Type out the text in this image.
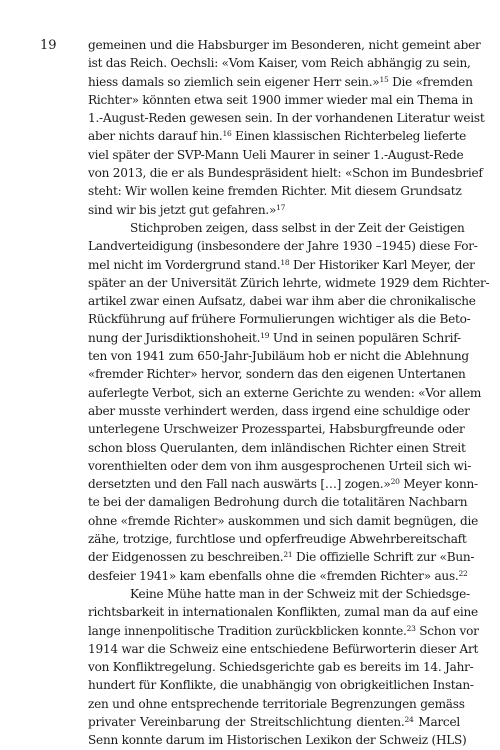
19	gemeinen und die Habsburger im Besonderen, nicht gemeint aber
ist das Reich. Oechsli: «Vom Kaiser, vom Reich abhängig zu sein,
hiess damals so ziemlich sein eigener Herr sein.»$^{15}$ Die «fremden
Richter» könnten etwa seit 1900 immer wieder mal ein Thema in
1.-August-Reden gewesen sein. In der vorhandenen Literatur weist
aber nichts darauf hin.$^{16}$ Einen klassischen Richterbeleg lieferte
viel später der SVP-Mann Ueli Maurer in seiner 1.-August-Rede
von 2013, die er als Bundespräsident hielt: «Schon im Bundesbrief
steht: Wir wollen keine fremden Richter. Mit diesem Grundsatz
sind wir bis jetzt gut gefahren.»$^{17}$
Stichproben zeigen, dass selbst in der Zeit der Geistigen
Landverteidigung (insbesondere der Jahre 1930 –1945) diese For-
mel nicht im Vordergrund stand.$^{18}$ Der Historiker Karl Meyer, der
später an der Universität Zürich lehrte, widmete 1929 dem Richter-
artikel zwar einen Aufsatz, dabei war ihm aber die chronikalische
Rückführung auf frühere Formulierungen wichtiger als die Beto-
nung der Jurisdiktionshoheit.$^{19}$ Und in seinen populären Schrif-
ten von 1941 zum 650-Jahr-Jubiläum hob er nicht die Ablehnung
«fremder Richter» hervor, sondern das den eigenen Untertanen
auferlegte Verbot, sich an externe Gerichte zu wenden: «Vor allem
aber musste verhindert werden, dass irgend eine schuldige oder
unterlegene Urschweizer Prozesspartei, Habsburgfreunde oder
schon bloss Querulanten, dem inländischen Richter einen Streit
vorenthielten oder dem von ihm ausgesprochenen Urteil sich wi-
dersetzten und den Fall nach auswärts […] zogen.»$^{20}$ Meyer konn-
te bei der damaligen Bedrohung durch die totalitären Nachbarn
ohne «fremde Richter» auskommen und sich damit begnügen, die
zähe, trotzige, furchtlose und opferfreudige Abwehrbereitschaft
der Eidgenossen zu beschreiben.$^{21}$ Die offizielle Schrift zur «Bun-
desfeier 1941» kam ebenfalls ohne die «fremden Richter» aus.$^{22}$
Keine Mühe hatte man in der Schweiz mit der Schiedsge-
richtsbarkeit in internationalen Konflikten, zumal man da auf eine
lange innenpolitische Tradition zurückblicken konnte.$^{23}$ Schon vor
1914 war die Schweiz eine entschiedene Befürworterin dieser Art
von Konfliktregelung. Schiedsgerichte gab es bereits im 14. Jahr-
hundert für Konflikte, die unabhängig von obrigkeitlichen Instan-
zen und ohne entsprechende territoriale Begrenzungen gemäss
privater Vereinbarung der Streitschlichtung dienten.$^{24}$ Marcel
Senn konnte darum im Historischen Lexikon der Schweiz (HLS)
